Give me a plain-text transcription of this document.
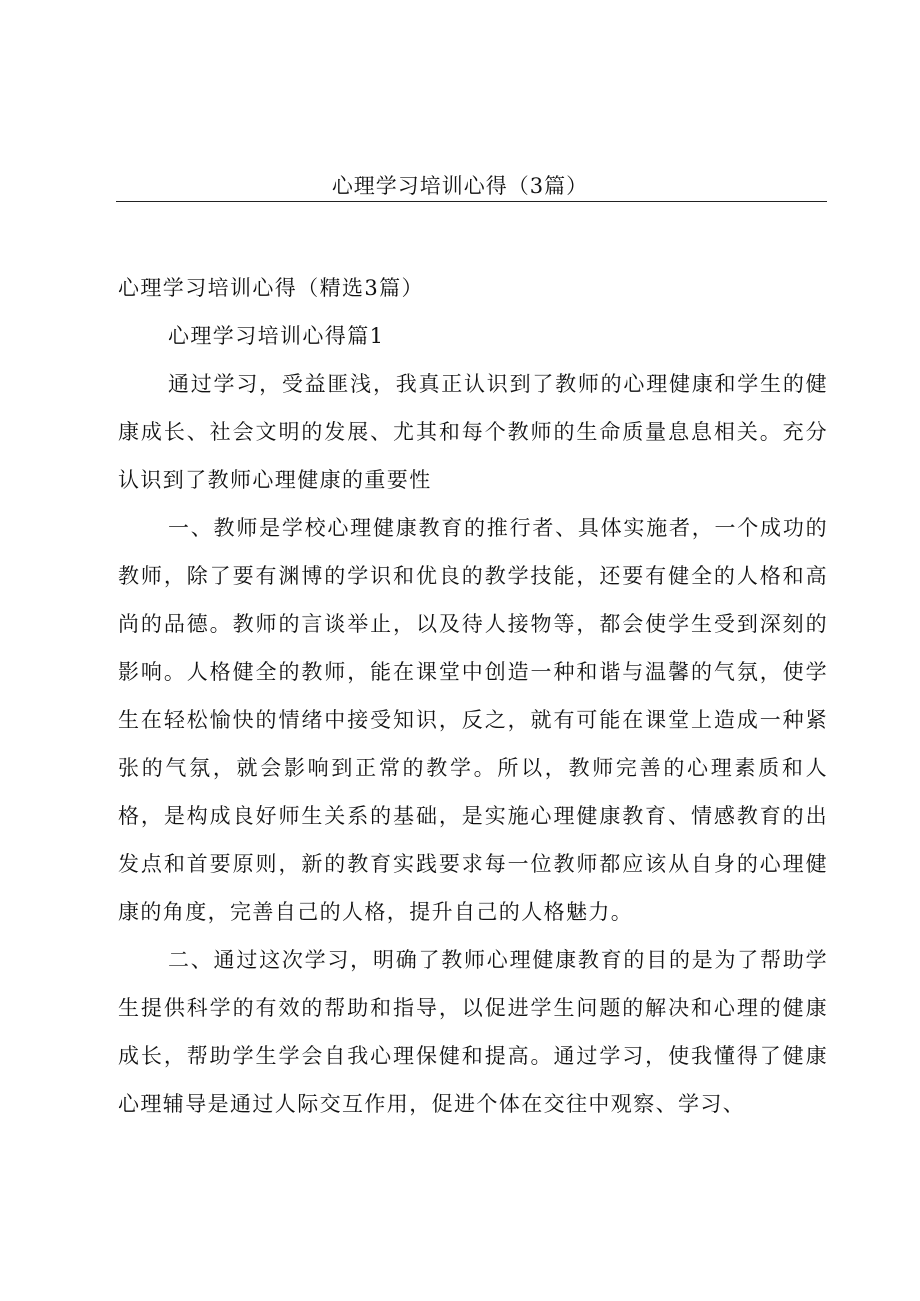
心理学习培训心得（3篇）
心理学习培训心得（精选3篇）
心理学习培训心得篇1

通过学习，受益匪浅，我真正认识到了教师的心理健康和学生的健康成长、社会文明的发展、尤其和每个教师的生命质量息息相关。充分认识到了教师心理健康的重要性

一、教师是学校心理健康教育的推行者、具体实施者，一个成功的教师，除了要有渊博的学识和优良的教学技能，还要有健全的人格和高尚的品德。教师的言谈举止，以及待人接物等，都会使学生受到深刻的影响。人格健全的教师，能在课堂中创造一种和谐与温馨的气氛，使学生在轻松愉快的情绪中接受知识，反之，就有可能在课堂上造成一种紧张的气氛，就会影响到正常的教学。所以，教师完善的心理素质和人格，是构成良好师生关系的基础，是实施心理健康教育、情感教育的出发点和首要原则，新的教育实践要求每一位教师都应该从自身的心理健康的角度，完善自己的人格，提升自己的人格魅力。

二、通过这次学习，明确了教师心理健康教育的目的是为了帮助学生提供科学的有效的帮助和指导，以促进学生问题的解决和心理的健康成长，帮助学生学会自我心理保健和提高。通过学习，使我懂得了健康心理辅导是通过人际交互作用，促进个体在交往中观察、学习、
